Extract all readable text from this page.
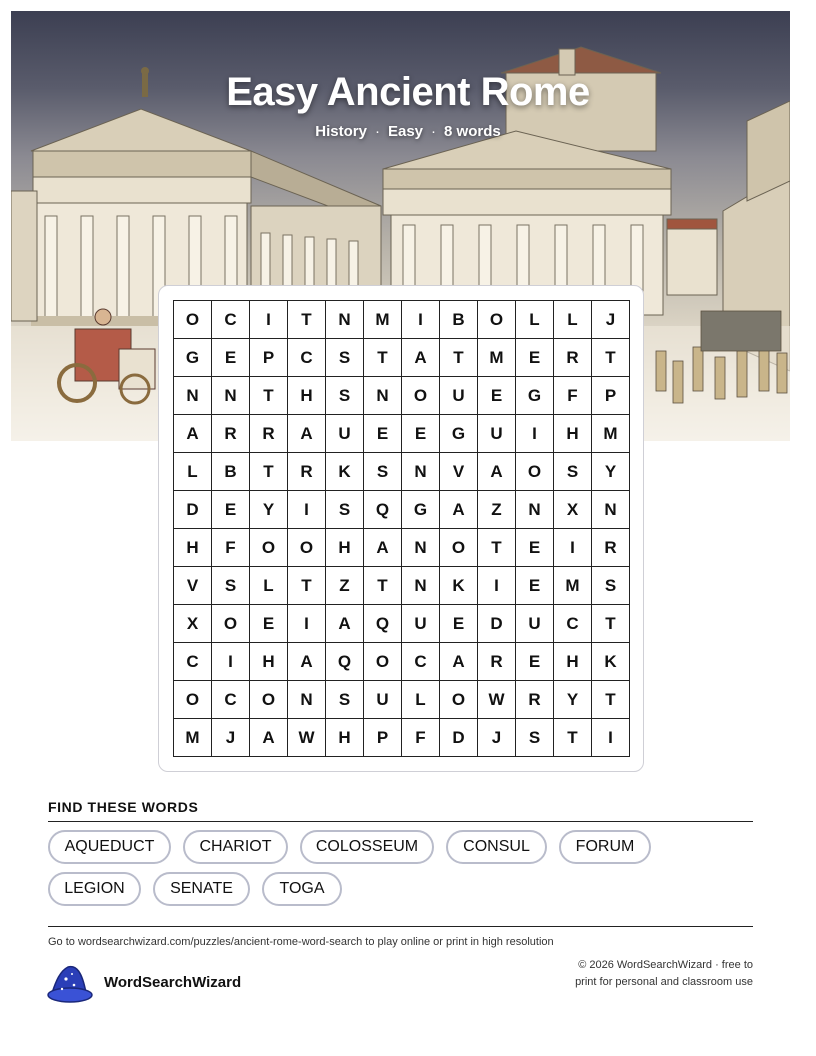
Easy Ancient Rome
History · Easy · 8 words
O	C	I	T	N	M	I	B	O	L	L	J
G	E	P	C	S	T	A	T	M	E	R	T
N	N	T	H	S	N	O	U	E	G	F	P
A	R	R	A	U	E	E	G	U	I	H	M
L	B	T	R	K	S	N	V	A	O	S	Y
D	E	Y	I	S	Q	G	A	Z	N	X	N
H	F	O	O	H	A	N	O	T	E	I	R
V	S	L	T	Z	T	N	K	I	E	M	S
X	O	E	I	A	Q	U	E	D	U	C	T
C	I	H	A	Q	O	C	A	R	E	H	K
O	C	O	N	S	U	L	O	W	R	Y	T
M	J	A	W	H	P	F	D	J	S	T	I
FIND THESE WORDS
AQUEDUCT	CHARIOT	COLOSSEUM	CONSUL	FORUM
LEGION	SENATE	TOGA
Go to wordsearchwizard.com/puzzles/ancient-rome-word-search to play online or print in high resolution
WordSearchWizard
© 2026 WordSearchWizard · free to print for personal and classroom use
